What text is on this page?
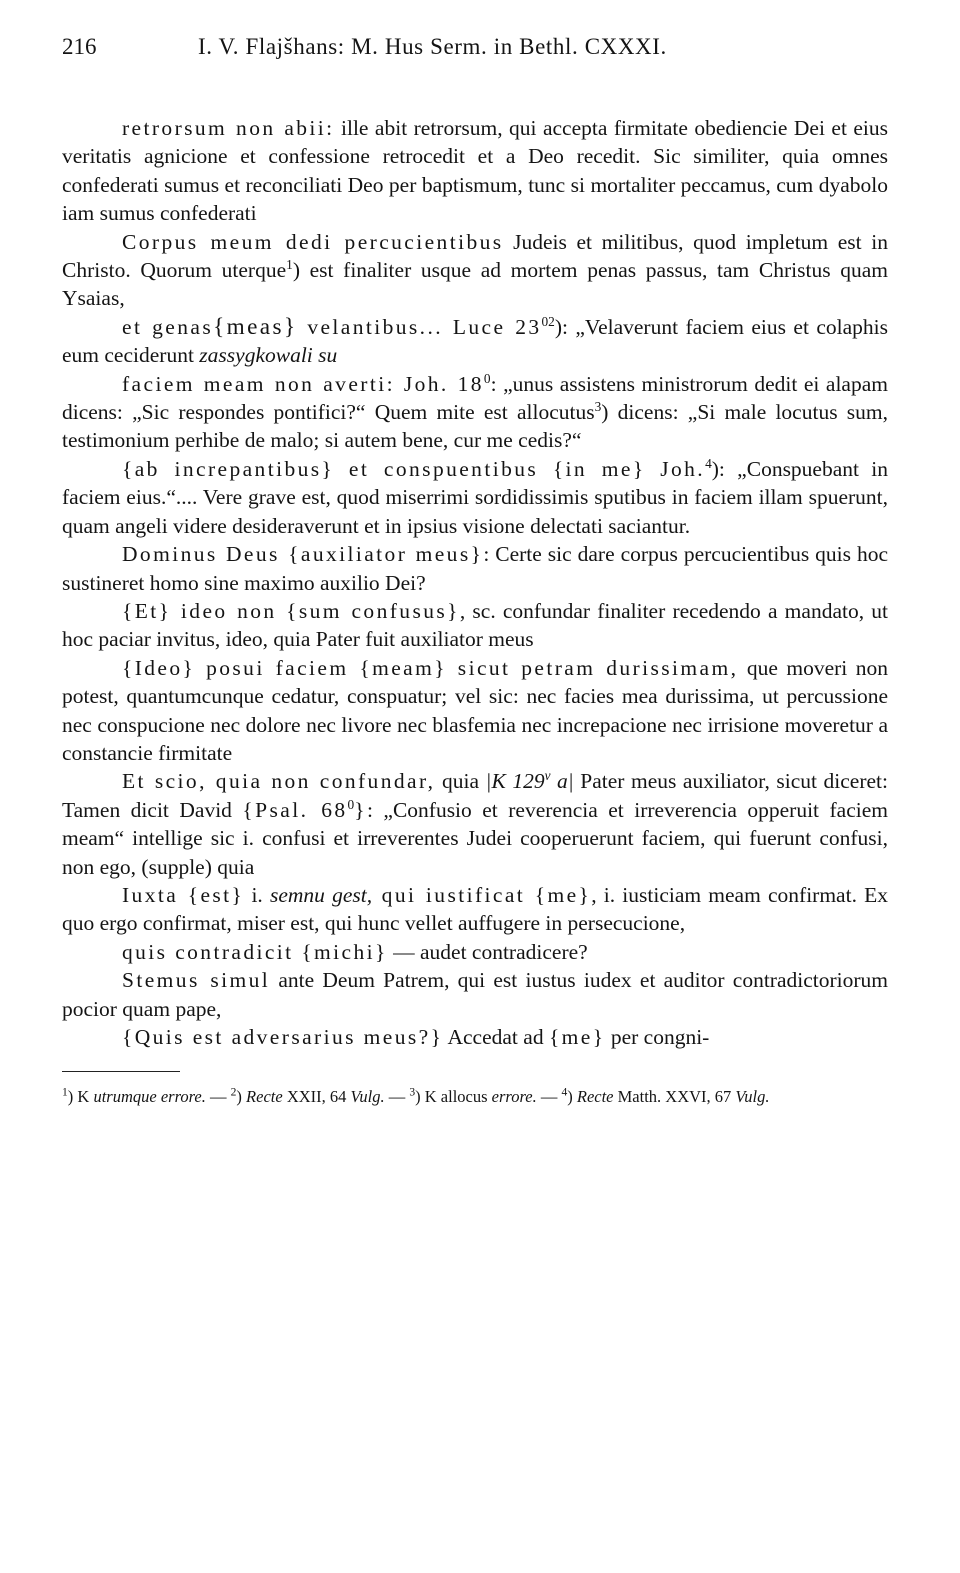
216	I. V. Flajšhans: M. Hus Serm. in Bethl. CXXXI.

retrorsum non abii: ille abit retrorsum, qui accepta firmitate obediencie Dei et eius veritatis agnicione et confessione retrocedit et a Deo recedit. Sic similiter, quia omnes confederati sumus et reconciliati Deo per baptismum, tunc si mortaliter peccamus, cum dyabolo iam sumus confederati

Corpus meum dedi percucientibus Judeis et militibus, quod impletum est in Christo. Quorum uterque$^1$) est finaliter usque ad mortem penas passus, tam Christus quam Ysaias,

et genas{meas} velantibus... Luce $23^{02}$): „Velaverunt faciem eius et colaphis eum ceciderunt zassygkowali su

faciem meam non averti: Joh. $18^0$: „unus assistens ministrorum dedit ei alapam dicens: „Sic respondes pontifici?“ Quem mite est allocutus$^3$) dicens: „Si male locutus sum, testimonium perhibe de malo; si autem bene, cur me cedis?“

{ab increpantibus} et conspuentibus {in me} Joh.$^4$): „Conspuebant in faciem eius.“.... Vere grave est, quod miserrimi sordidissimis sputibus in faciem illam spuerunt, quam angeli videre desideraverunt et in ipsius visione delectati saciantur.

Dominus Deus {auxiliator meus}: Certe sic dare corpus percucientibus quis hoc sustineret homo sine maximo auxilio Dei?

{Et} ideo non {sum confusus}, sc. confundar finaliter recedendo a mandato, ut hoc paciar invitus, ideo, quia Pater fuit auxiliator meus

{Ideo} posui faciem {meam} sicut petram durissimam, que moveri non potest, quantumcunque cedatur, conspuatur; vel sic: nec facies mea durissima, ut percussione nec conspucione nec dolore nec livore nec blasfemia nec increpacione nec irrisione moveretur a constancie firmitate

Et scio, quia non confundar, quia |K 129$^v$ a| Pater meus auxiliator, sicut diceret: Tamen dicit David {Psal. $68^0$}: „Confusio et reverencia et irreverencia opperuit faciem meam“ intellige sic i. confusi et irreverentes Judei cooperuerunt faciem, qui fuerunt confusi, non ego, (supple) quia

Iuxta {est} i. semnu gest, qui iustificat {me}, i. iusticiam meam confirmat. Ex quo ergo confirmat, miser est, qui hunc vellet auffugere in persecucione,

quis contradicit {michi} — audet contradicere?

Stemus simul ante Deum Patrem, qui est iustus iudex et auditor contradictoriorum pocior quam pape,

{Quis est adversarius meus?} Accedat ad {me} per congni-

$^1$) K utrumque errore. — $^2$) Recte XXII, 64 Vulg. — $^3$) K allocus errore. — $^4$) Recte Matth. XXVI, 67 Vulg.
